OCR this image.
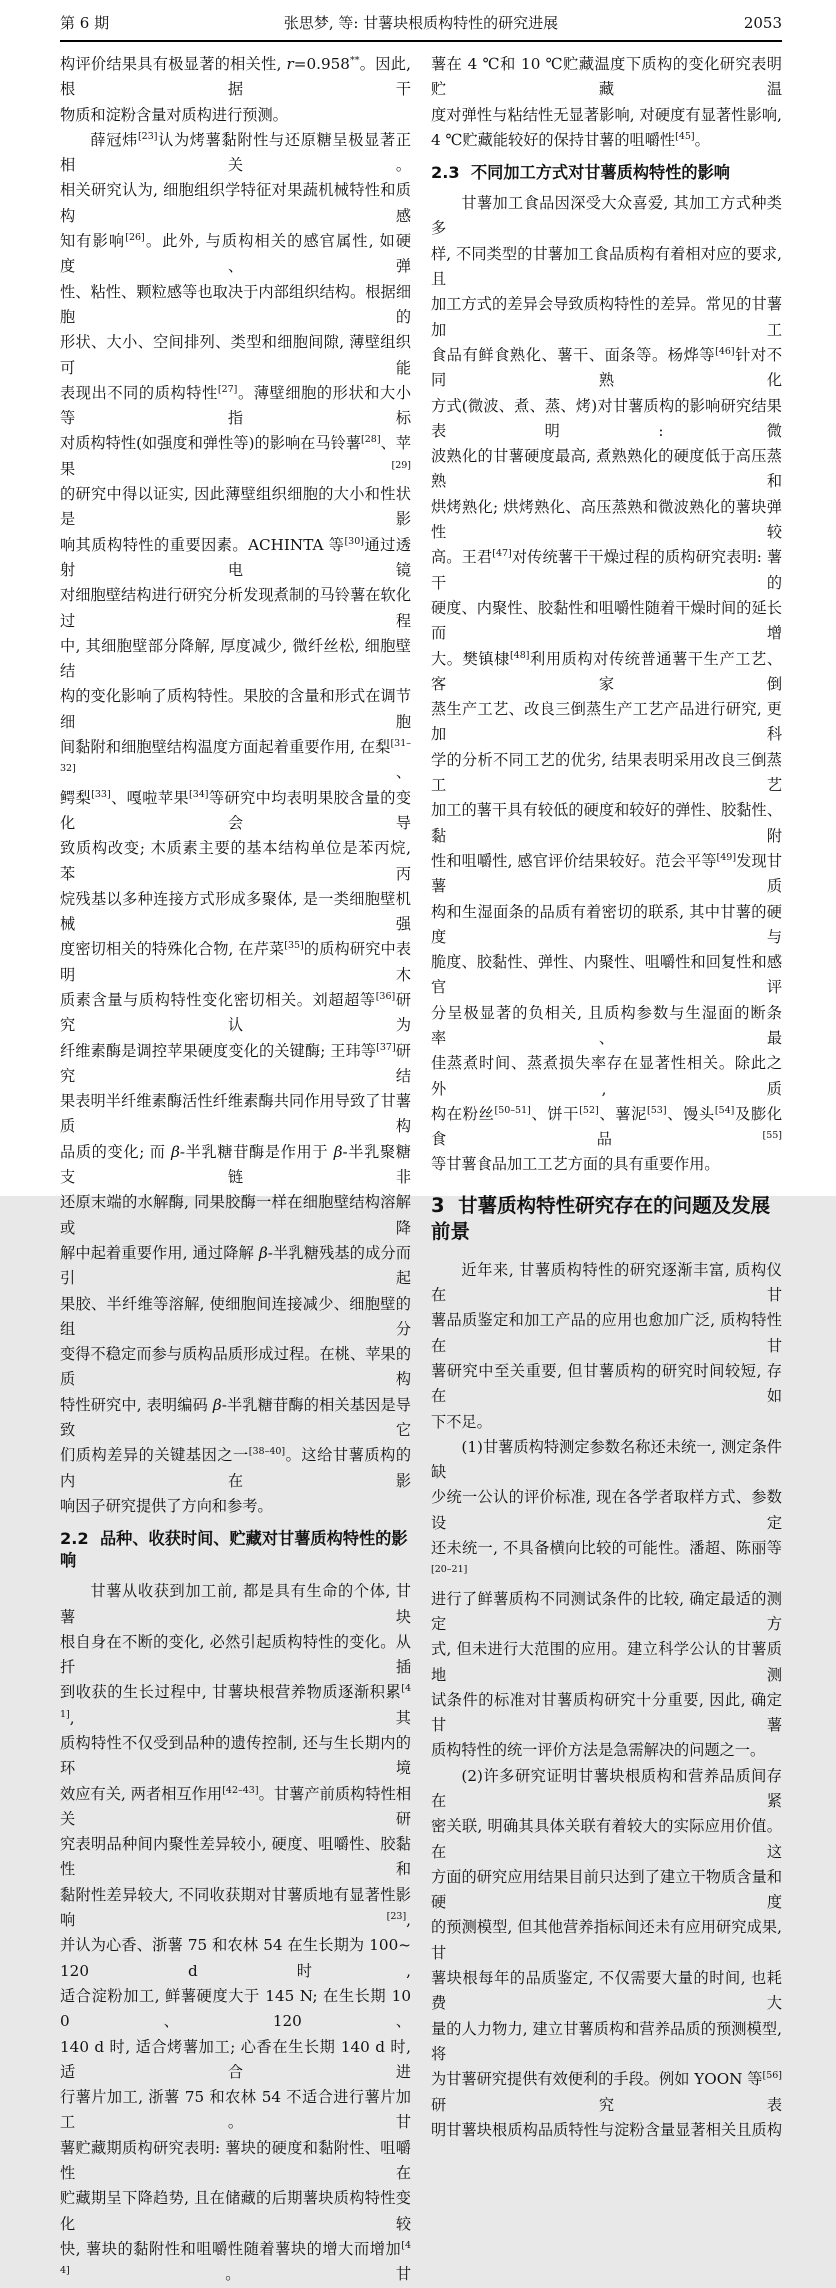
第 6 期	张思梦, 等: 甘薯块根质构特性的研究进展	2053
构评价结果具有极显著的相关性, r=0.958**。因此, 根据干
物质和淀粉含量对质构进行预测。
薛冠炜[23]认为烤薯黏附性与还原糖呈极显著正相关。
相关研究认为, 细胞组织学特征对果蔬机械特性和质构感
知有影响[26]。此外, 与质构相关的感官属性, 如硬度、弹
性、粘性、颗粒感等也取决于内部组织结构。根据细胞的
形状、大小、空间排列、类型和细胞间隙, 薄壁组织可能
表现出不同的质构特性[27]。薄壁细胞的形状和大小等指标
对质构特性(如强度和弹性等)的影响在马铃薯[28]、苹果[29]
的研究中得以证实, 因此薄壁组织细胞的大小和性状是影
响其质构特性的重要因素。ACHINTA 等[30]通过透射电镜
对细胞壁结构进行研究分析发现煮制的马铃薯在软化过程
中, 其细胞壁部分降解, 厚度减少, 微纤丝松, 细胞壁结
构的变化影响了质构特性。果胶的含量和形式在调节细胞
间黏附和细胞壁结构温度方面起着重要作用, 在梨[31–32]、
鳄梨[33]、嘎啦苹果[34]等研究中均表明果胶含量的变化会导
致质构改变; 木质素主要的基本结构单位是苯丙烷, 苯丙
烷残基以多种连接方式形成多聚体, 是一类细胞壁机械强
度密切相关的特殊化合物, 在芹菜[35]的质构研究中表明木
质素含量与质构特性变化密切相关。刘超超等[36]研究认为
纤维素酶是调控苹果硬度变化的关键酶; 王玮等[37]研究结
果表明半纤维素酶活性纤维素酶共同作用导致了甘薯质构
品质的变化; 而 β-半乳糖苷酶是作用于 β-半乳聚糖支链非
还原末端的水解酶, 同果胶酶一样在细胞壁结构溶解或降
解中起着重要作用, 通过降解 β-半乳糖残基的成分而引起
果胶、半纤维等溶解, 使细胞间连接减少、细胞壁的组分
变得不稳定而参与质构品质形成过程。在桃、苹果的质构
特性研究中, 表明编码 β-半乳糖苷酶的相关基因是导致它
们质构差异的关键基因之一[38–40]。这给甘薯质构的内在影
响因子研究提供了方向和参考。
2.2  品种、收获时间、贮藏对甘薯质构特性的影响
甘薯从收获到加工前, 都是具有生命的个体, 甘薯块
根自身在不断的变化, 必然引起质构特性的变化。从扦插
到收获的生长过程中, 甘薯块根营养物质逐渐积累[41], 其
质构特性不仅受到品种的遗传控制, 还与生长期内的环境
效应有关, 两者相互作用[42–43]。甘薯产前质构特性相关研
究表明品种间内聚性差异较小, 硬度、咀嚼性、胶黏性和
黏附性差异较大, 不同收获期对甘薯质地有显著性影响[23],
并认为心香、浙薯 75 和农林 54 在生长期为 100~120 d 时,
适合淀粉加工, 鲜薯硬度大于 145 N; 在生长期 100、120、
140 d 时, 适合烤薯加工; 心香在生长期 140 d 时, 适合进
行薯片加工, 浙薯 75 和农林 54 不适合进行薯片加工。甘
薯贮藏期质构研究表明: 薯块的硬度和黏附性、咀嚼性在
贮藏期呈下降趋势, 且在储藏的后期薯块质构特性变化较
快, 薯块的黏附性和咀嚼性随着薯块的增大而增加[44]。甘
薯在 4 ℃和 10 ℃贮藏温度下质构的变化研究表明贮藏温
度对弹性与粘结性无显著影响, 对硬度有显著性影响,
4 ℃贮藏能较好的保持甘薯的咀嚼性[45]。
2.3  不同加工方式对甘薯质构特性的影响
甘薯加工食品因深受大众喜爱, 其加工方式种类多
样, 不同类型的甘薯加工食品质构有着相对应的要求, 且
加工方式的差异会导致质构特性的差异。常见的甘薯加工
食品有鲜食熟化、薯干、面条等。杨烨等[46]针对不同熟化
方式(微波、煮、蒸、烤)对甘薯质构的影响研究结果表明: 微
波熟化的甘薯硬度最高, 煮熟熟化的硬度低于高压蒸熟和
烘烤熟化; 烘烤熟化、高压蒸熟和微波熟化的薯块弹性较
高。王君[47]对传统薯干干燥过程的质构研究表明: 薯干的
硬度、内聚性、胶黏性和咀嚼性随着干燥时间的延长而增
大。樊镇棣[48]利用质构对传统普通薯干生产工艺、客家倒
蒸生产工艺、改良三倒蒸生产工艺产品进行研究, 更加科
学的分析不同工艺的优劣, 结果表明采用改良三倒蒸工艺
加工的薯干具有较低的硬度和较好的弹性、胶黏性、黏附
性和咀嚼性, 感官评价结果较好。范会平等[49]发现甘薯质
构和生湿面条的品质有着密切的联系, 其中甘薯的硬度与
脆度、胶黏性、弹性、内聚性、咀嚼性和回复性和感官评
分呈极显著的负相关, 且质构参数与生湿面的断条率、最
佳蒸煮时间、蒸煮损失率存在显著性相关。除此之外, 质
构在粉丝[50–51]、饼干[52]、薯泥[53]、馒头[54]及膨化食品[55]
等甘薯食品加工工艺方面的具有重要作用。
3  甘薯质构特性研究存在的问题及发展前景
近年来, 甘薯质构特性的研究逐渐丰富, 质构仪在甘
薯品质鉴定和加工产品的应用也愈加广泛, 质构特性在甘
薯研究中至关重要, 但甘薯质构的研究时间较短, 存在如
下不足。
(1)甘薯质构特测定参数名称还未统一, 测定条件缺
少统一公认的评价标准, 现在各学者取样方式、参数设定
还未统一, 不具备横向比较的可能性。潘超、陈丽等[20–21]
进行了鲜薯质构不同测试条件的比较, 确定最适的测定方
式, 但未进行大范围的应用。建立科学公认的甘薯质地测
试条件的标准对甘薯质构研究十分重要, 因此, 确定甘薯
质构特性的统一评价方法是急需解决的问题之一。
(2)许多研究证明甘薯块根质构和营养品质间存在紧
密关联, 明确其具体关联有着较大的实际应用价值。在这
方面的研究应用结果目前只达到了建立干物质含量和硬度
的预测模型, 但其他营养指标间还未有应用研究成果, 甘
薯块根每年的品质鉴定, 不仅需要大量的时间, 也耗费大
量的人力物力, 建立甘薯质构和营养品质的预测模型, 将
为甘薯研究提供有效便利的手段。例如 YOON 等[56]研究表
明甘薯块根质构品质特性与淀粉含量显著相关且质构
